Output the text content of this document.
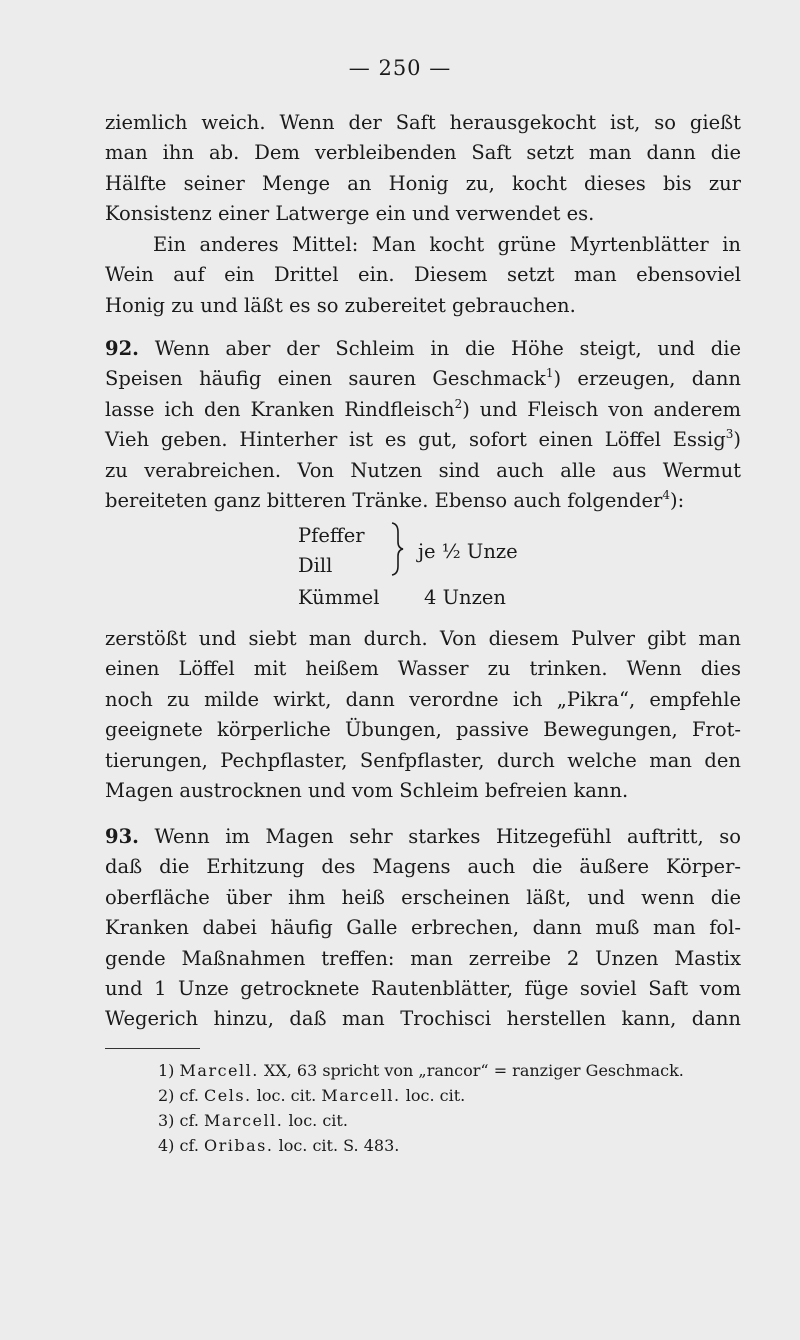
— 250 —
ziemlich weich. Wenn der Saft herausgekocht ist, so gießt
man ihn ab. Dem verbleibenden Saft setzt man dann die
Hälfte seiner Menge an Honig zu, kocht dieses bis zur
Konsistenz einer Latwerge ein und verwendet es.
Ein anderes Mittel: Man kocht grüne Myrtenblätter in
Wein auf ein Drittel ein. Diesem setzt man ebensoviel
Honig zu und läßt es so zubereitet gebrauchen.
92. Wenn aber der Schleim in die Höhe steigt, und die
Speisen häufig einen sauren Geschmack$^1$) erzeugen, dann
lasse ich den Kranken Rindfleisch$^2$) und Fleisch von anderem
Vieh geben. Hinterher ist es gut, sofort einen Löffel Essig$^3$)
zu verabreichen. Von Nutzen sind auch alle aus Wermut
bereiteten ganz bitteren Tränke. Ebenso auch folgender$^4$):
Pfeffer
Dill
je ½ Unze
Kümmel 4 Unzen
zerstößt und siebt man durch. Von diesem Pulver gibt man
einen Löffel mit heißem Wasser zu trinken. Wenn dies
noch zu milde wirkt, dann verordne ich „Pikra“, empfehle
geeignete körperliche Übungen, passive Bewegungen, Frot-
tierungen, Pechpflaster, Senfpflaster, durch welche man den
Magen austrocknen und vom Schleim befreien kann.
93. Wenn im Magen sehr starkes Hitzegefühl auftritt, so
daß die Erhitzung des Magens auch die äußere Körper-
oberfläche über ihm heiß erscheinen läßt, und wenn die
Kranken dabei häufig Galle erbrechen, dann muß man fol-
gende Maßnahmen treffen: man zerreibe 2 Unzen Mastix
und 1 Unze getrocknete Rautenblätter, füge soviel Saft vom
Wegerich hinzu, daß man Trochisci herstellen kann, dann
1) Marcell. XX, 63 spricht von „rancor“ = ranziger Geschmack.
2) cf. Cels. loc. cit. Marcell. loc. cit.
3) cf. Marcell. loc. cit.
4) cf. Oribas. loc. cit. S. 483.
